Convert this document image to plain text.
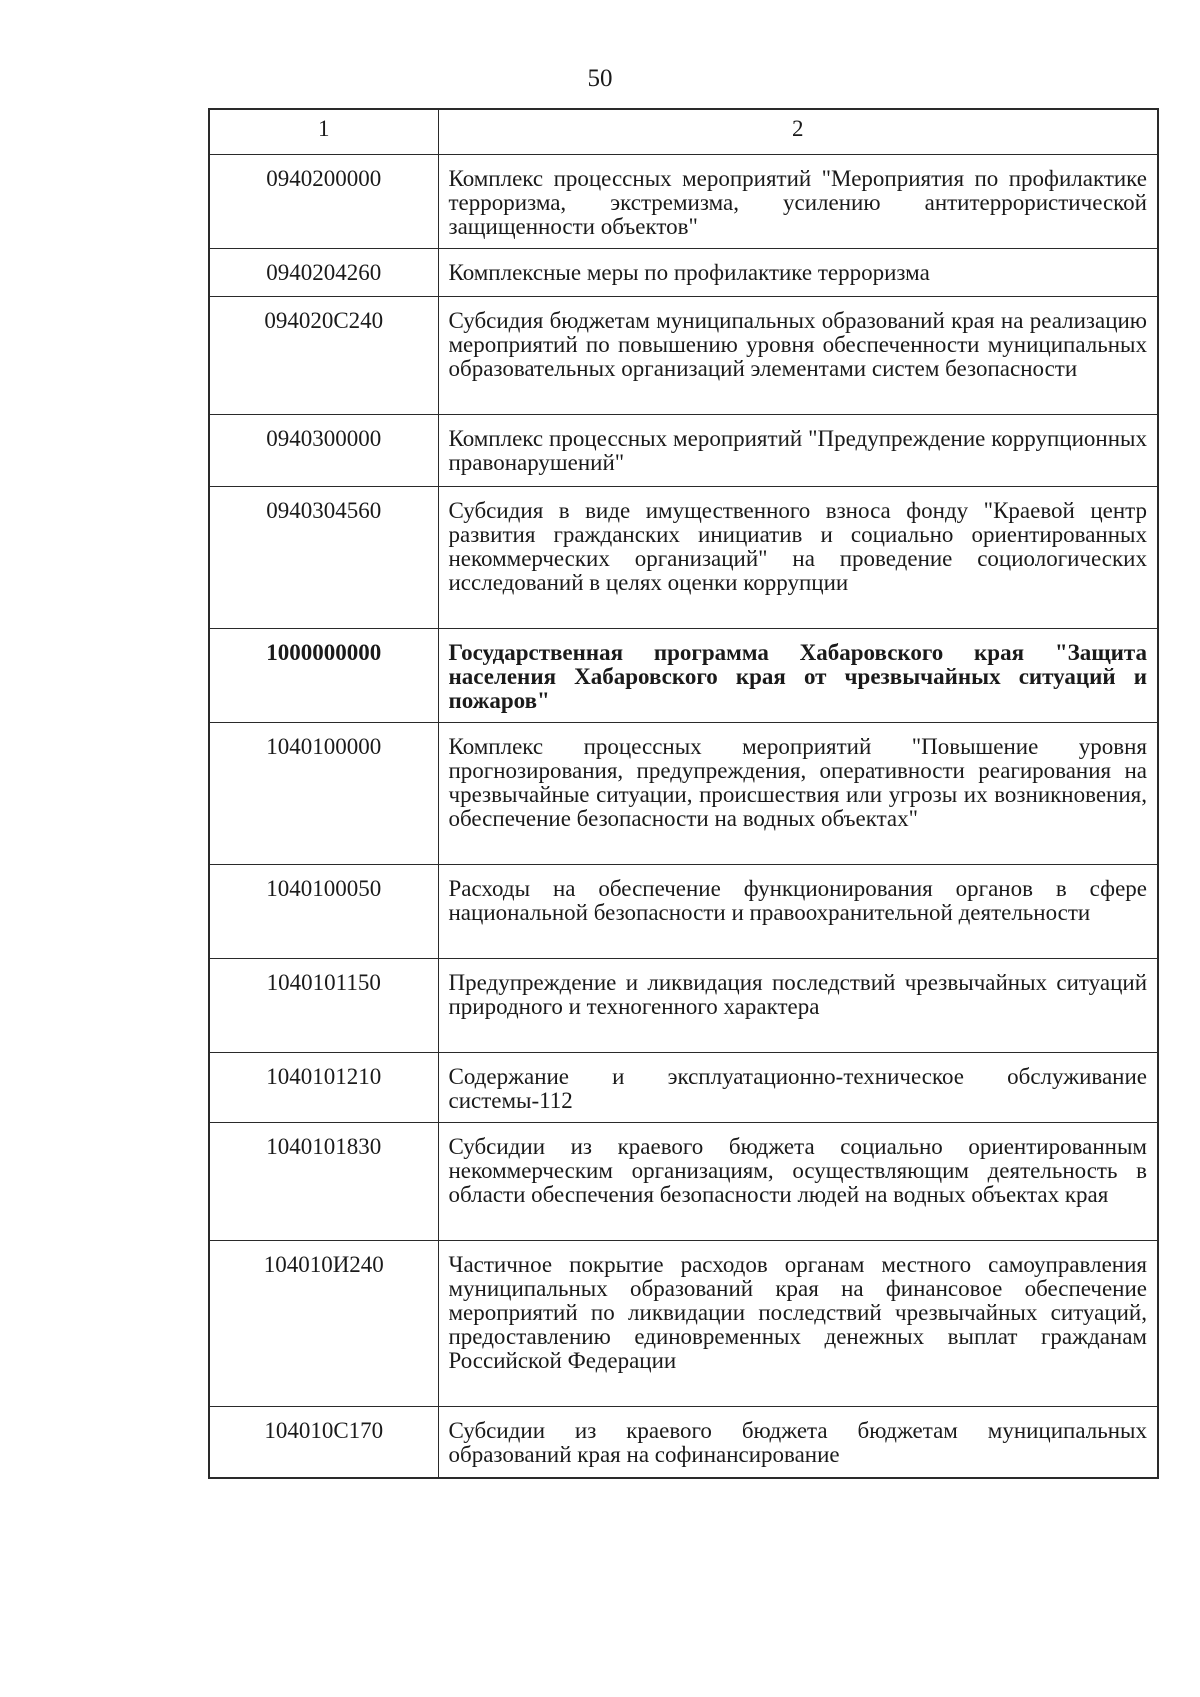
50
1	2
0940200000	Комплекс процессных мероприятий "Мероприятия по профилактике терроризма, экстремизма, усилению антитеррористической защищенности объектов"
0940204260	Комплексные меры по профилактике терроризма
094020С240	Субсидия бюджетам муниципальных образований края на реализацию мероприятий по повышению уровня обеспеченности муниципальных образовательных организаций элементами систем безопасности
0940300000	Комплекс процессных мероприятий "Предупреждение коррупционных правонарушений"
0940304560	Субсидия в виде имущественного взноса фонду "Краевой центр развития гражданских инициатив и социально ориентированных некоммерческих организаций" на проведение социологических исследований в целях оценки коррупции
1000000000	Государственная программа Хабаровского края "Защита населения Хабаровского края от чрезвычайных ситуаций и пожаров"
1040100000	Комплекс процессных мероприятий "Повышение уровня прогнозирования, предупреждения, оперативности реагирования на чрезвычайные ситуации, происшествия или угрозы их возникновения, обеспечение безопасности на водных объектах"
1040100050	Расходы на обеспечение функционирования органов в сфере национальной безопасности и правоохранительной деятельности
1040101150	Предупреждение и ликвидация последствий чрезвычайных ситуаций природного и техногенного характера
1040101210	Содержание и эксплуатационно-техническое обслуживание системы-112
1040101830	Субсидии из краевого бюджета социально ориентированным некоммерческим организациям, осуществляющим деятельность в области обеспечения безопасности людей на водных объектах края
104010И240	Частичное покрытие расходов органам местного самоуправления муниципальных образований края на финансовое обеспечение мероприятий по ликвидации последствий чрезвычайных ситуаций, предоставлению единовременных денежных выплат гражданам Российской Федерации
104010С170	Субсидии из краевого бюджета бюджетам муниципальных образований края на софинансирование
